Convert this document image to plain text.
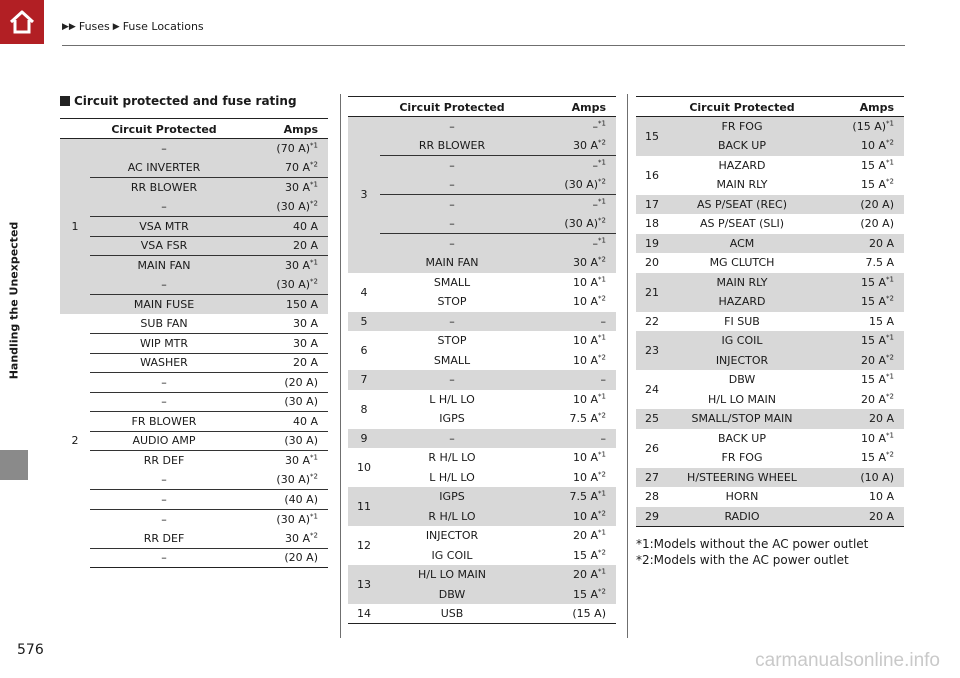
▶▶ Fuses ▶ Fuse Locations
Handling the Unexpected
Circuit protected and fuse rating
	Circuit Protected	Amps
1	–	(70 A)$^{*1}$
	AC INVERTER	70 $A^{*2}$
	RR BLOWER	30 $A^{*1}$
	–	(30 A)$^{*2}$
	VSA MTR	40 A
	VSA FSR	20 A
	MAIN FAN	30 $A^{*1}$
	–	(30 A)$^{*2}$
	MAIN FUSE	150 A
2	SUB FAN	30 A
	WIP MTR	30 A
	WASHER	20 A
	–	(20 A)
	–	(30 A)
	FR BLOWER	40 A
	AUDIO AMP	(30 A)
	RR DEF	30 $A^{*1}$
	–	(30 A)$^{*2}$
	–	(40 A)
	–	(30 A)$^{*1}$
	RR DEF	30 $A^{*2}$
	–	(20 A)
	Circuit Protected	Amps
3	–	–$^{*1}$
	RR BLOWER	30 $A^{*2}$
	–	–$^{*1}$
	–	(30 A)$^{*2}$
	–	–$^{*1}$
	–	(30 A)$^{*2}$
	–	–$^{*1}$
	MAIN FAN	30 $A^{*2}$
4	SMALL	10 $A^{*1}$
	STOP	10 $A^{*2}$
5	–	–
6	STOP	10 $A^{*1}$
	SMALL	10 $A^{*2}$
7	–	–
8	L H/L LO	10 $A^{*1}$
	IGPS	7.5 $A^{*2}$
9	–	–
10	R H/L LO	10 $A^{*1}$
	L H/L LO	10 $A^{*2}$
11	IGPS	7.5 $A^{*1}$
	R H/L LO	10 $A^{*2}$
12	INJECTOR	20 $A^{*1}$
	IG COIL	15 $A^{*2}$
13	H/L LO MAIN	20 $A^{*1}$
	DBW	15 $A^{*2}$
14	USB	(15 A)
	Circuit Protected	Amps
15	FR FOG	(15 A)$^{*1}$
	BACK UP	10 $A^{*2}$
16	HAZARD	15 $A^{*1}$
	MAIN RLY	15 $A^{*2}$
17	AS P/SEAT (REC)	(20 A)
18	AS P/SEAT (SLI)	(20 A)
19	ACM	20 A
20	MG CLUTCH	7.5 A
21	MAIN RLY	15 $A^{*1}$
	HAZARD	15 $A^{*2}$
22	FI SUB	15 A
23	IG COIL	15 $A^{*1}$
	INJECTOR	20 $A^{*2}$
24	DBW	15 $A^{*1}$
	H/L LO MAIN	20 $A^{*2}$
25	SMALL/STOP MAIN	20 A
26	BACK UP	10 $A^{*1}$
	FR FOG	15 $A^{*2}$
27	H/STEERING WHEEL	(10 A)
28	HORN	10 A
29	RADIO	20 A
*1:Models without the AC power outlet
*2:Models with the AC power outlet
576	carmanualsonline.info
